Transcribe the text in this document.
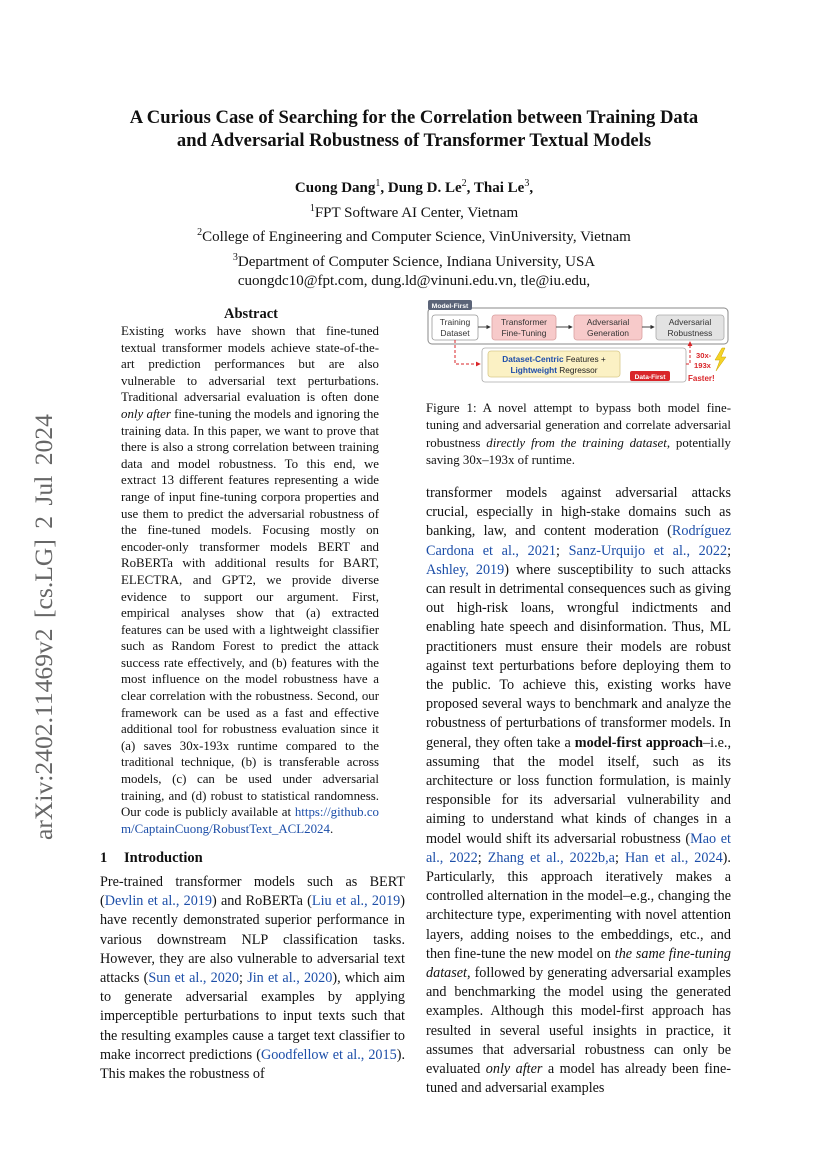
arXiv:2402.11469v2 [cs.LG] 2 Jul 2024
A Curious Case of Searching for the Correlation between Training Data
and Adversarial Robustness of Transformer Textual Models
Cuong Dang$^1$, Dung D. Le$^2$, Thai Le$^3$,
$^1$FPT Software AI Center, Vietnam
$^2$College of Engineering and Computer Science, VinUniversity, Vietnam
$^3$Department of Computer Science, Indiana University, USA
cuongdc10@fpt.com, dung.ld@vinuni.edu.vn, tle@iu.edu,
Abstract
Existing works have shown that fine-tuned textual transformer models achieve state-of-the-art prediction performances but are also vulnerable to adversarial text perturbations. Traditional adversarial evaluation is often done only after fine-tuning the models and ignoring the training data. In this paper, we want to prove that there is also a strong correlation between training data and model robustness. To this end, we extract 13 different features representing a wide range of input fine-tuning corpora properties and use them to predict the adversarial robustness of the fine-tuned models. Focusing mostly on encoder-only transformer models BERT and RoBERTa with additional results for BART, ELECTRA, and GPT2, we provide diverse evidence to support our argument. First, empirical analyses show that (a) extracted features can be used with a lightweight classifier such as Random Forest to predict the attack success rate effectively, and (b) features with the most influence on the model robustness have a clear correlation with the robustness. Second, our framework can be used as a fast and effective additional tool for robustness evaluation since it (a) saves 30x-193x runtime compared to the traditional technique, (b) is transferable across models, (c) can be used under adversarial training, and (d) robust to statistical randomness. Our code is publicly available at https://github.com/CaptainCuong/RobustText_ACL2024.
1 Introduction
Pre-trained transformer models such as BERT (Devlin et al., 2019) and RoBERTa (Liu et al., 2019) have recently demonstrated superior performance in various downstream NLP classification tasks. However, they are also vulnerable to adversarial text attacks (Sun et al., 2020; Jin et al., 2020), which aim to generate adversarial examples by applying imperceptible perturbations to input texts such that the resulting examples cause a target text classifier to make incorrect predictions (Goodfellow et al., 2015). This makes the robustness of
Model-First
Training
Dataset
Transformer
Fine-Tuning
Adversarial
Generation
Adversarial
Robustness
Dataset-Centric Features +
Lightweight Regressor
Data-First
30x-
193x
Faster!
Figure 1: A novel attempt to bypass both model fine-tuning and adversarial generation and correlate adversarial robustness directly from the training dataset, potentially saving 30x–193x of runtime.
transformer models against adversarial attacks crucial, especially in high-stake domains such as banking, law, and content moderation (Rodríguez Cardona et al., 2021; Sanz-Urquijo et al., 2022; Ashley, 2019) where susceptibility to such attacks can result in detrimental consequences such as giving out high-risk loans, wrongful indictments and enabling hate speech and disinformation. Thus, ML practitioners must ensure their models are robust against text perturbations before deploying them to the public. To achieve this, existing works have proposed several ways to benchmark and analyze the robustness of perturbations of transformer models. In general, they often take a model-first approach–i.e., assuming that the model itself, such as its architecture or loss function formulation, is mainly responsible for its adversarial vulnerability and aiming to understand what kinds of changes in a model would shift its adversarial robustness (Mao et al., 2022; Zhang et al., 2022b,a; Han et al., 2024). Particularly, this approach iteratively makes a controlled alternation in the model–e.g., changing the architecture type, experimenting with novel attention layers, adding noises to the embeddings, etc., and then fine-tune the new model on the same fine-tuning dataset, followed by generating adversarial examples and benchmarking the model using the generated examples. Although this model-first approach has resulted in several useful insights in practice, it assumes that adversarial robustness can only be evaluated only after a model has already been fine-tuned and adversarial examples
